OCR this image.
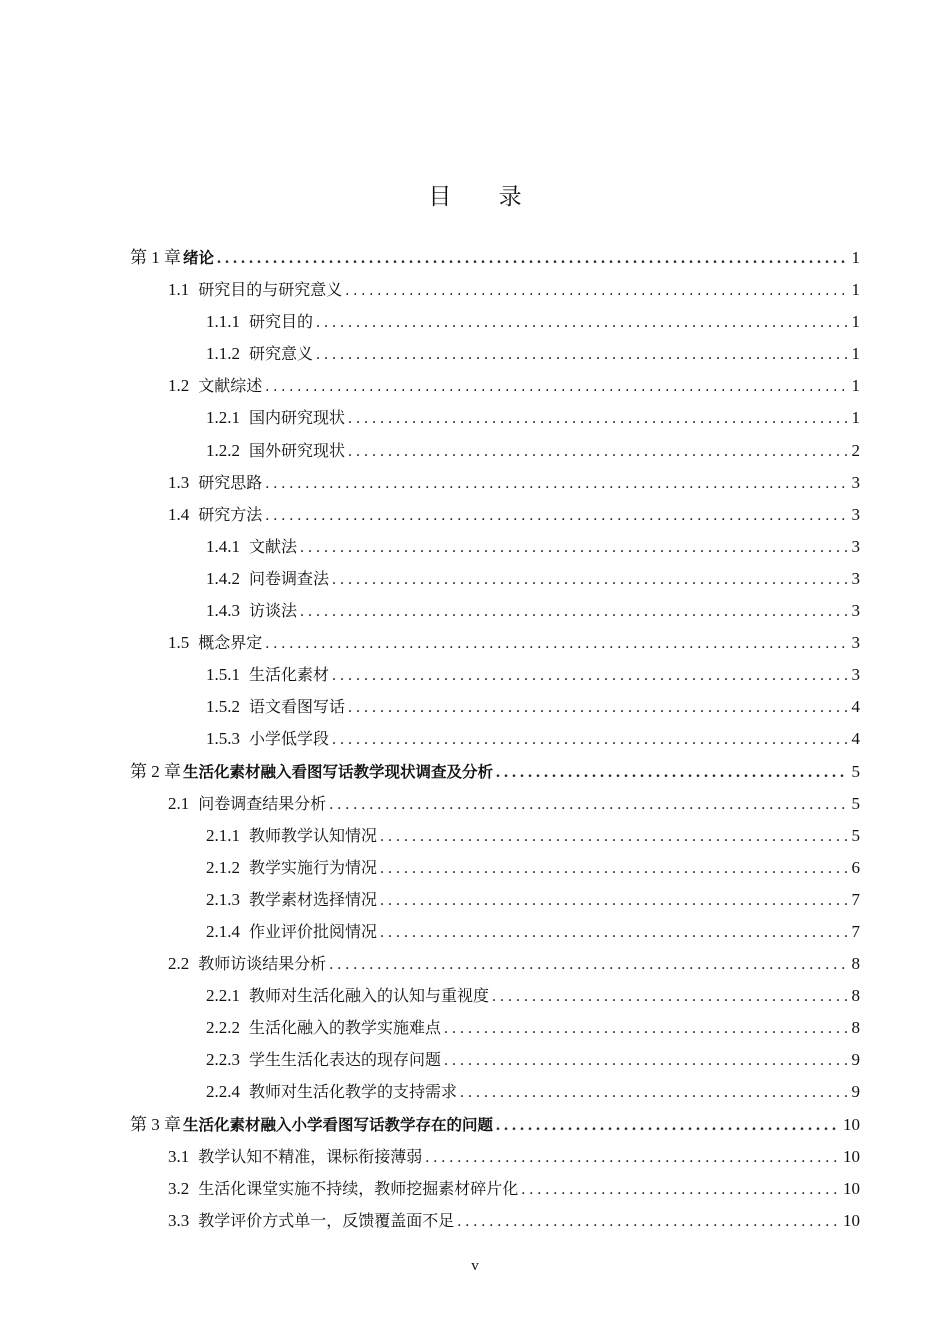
目 录
第 1 章 绪论 . . .	1
1.1 研究目的与研究意义 . . .	1
1.1.1 研究目的 . . .	1
1.1.2 研究意义 . . .	1
1.2 文献综述 . . .	1
1.2.1 国内研究现状 . . .	1
1.2.2 国外研究现状 . . .	2
1.3 研究思路 . . .	3
1.4 研究方法 . . .	3
1.4.1 文献法 . . .	3
1.4.2 问卷调查法 . . .	3
1.4.3 访谈法 . . .	3
1.5 概念界定 . . .	3
1.5.1 生活化素材 . . .	3
1.5.2 语文看图写话 . . .	4
1.5.3 小学低学段 . . .	4
第 2 章 生活化素材融入看图写话教学现状调查及分析 . . .	5
2.1 问卷调查结果分析 . . .	5
2.1.1 教师教学认知情况 . . .	5
2.1.2 教学实施行为情况 . . .	6
2.1.3 教学素材选择情况 . . .	7
2.1.4 作业评价批阅情况 . . .	7
2.2 教师访谈结果分析 . . .	8
2.2.1 教师对生活化融入的认知与重视度 . . .	8
2.2.2 生活化融入的教学实施难点 . . .	8
2.2.3 学生生活化表达的现存问题 . . .	9
2.2.4 教师对生活化教学的支持需求 . . .	9
第 3 章 生活化素材融入小学看图写话教学存在的问题 . . .	10
3.1 教学认知不精准，课标衔接薄弱 . . .	10
3.2 生活化课堂实施不持续，教师挖掘素材碎片化 . . .	10
3.3 教学评价方式单一，反馈覆盖面不足 . . .	10
v
